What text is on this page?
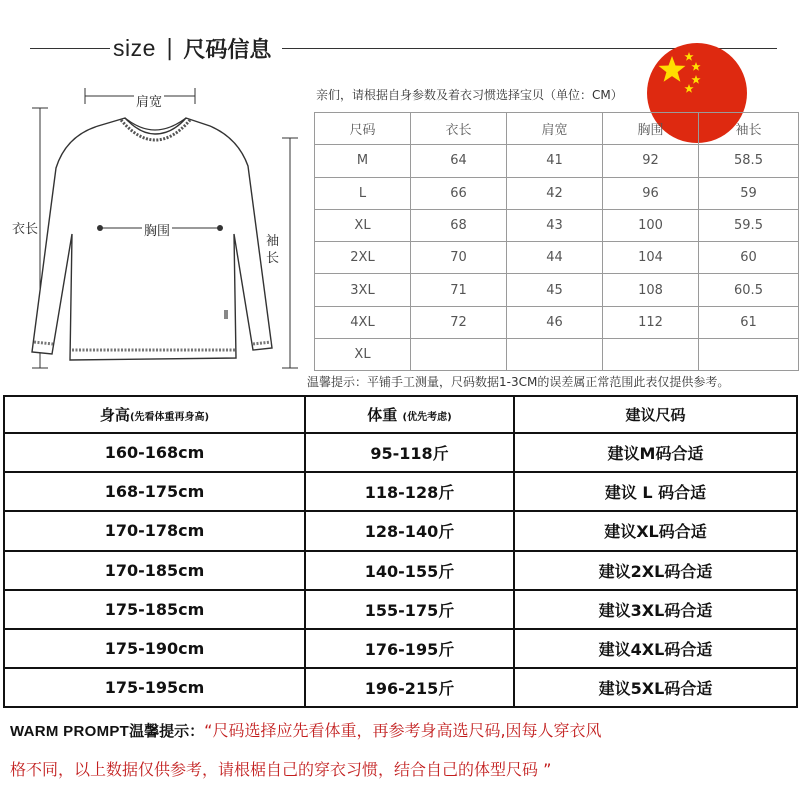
size | 尺码信息
肩宽
衣长	胸围
袖长
亲们，请根据自身参数及着衣习惯选择宝贝（单位：CM）
尺码	衣长	肩宽	胸围	袖长
M	64	41	92	58.5
L	66	42	96	59
XL	68	43	100	59.5
2XL	70	44	104	60
3XL	71	45	108	60.5
4XL	72	46	112	61
XL				
温馨提示：平铺手工测量，尺码数据1-3CM的误差属正常范围此表仅提供参考。
身高(先看体重再身高)	体重 (优先考虑)	建议尺码
160-168cm	95-118斤	建议M码合适
168-175cm	118-128斤	建议 L 码合适
170-178cm	128-140斤	建议XL码合适
170-185cm	140-155斤	建议2XL码合适
175-185cm	155-175斤	建议3XL码合适
175-190cm	176-195斤	建议4XL码合适
175-195cm	196-215斤	建议5XL码合适
WARM PROMPT温馨提示：“尺码选择应先看体重，再参考身高选尺码,因每人穿衣风
格不同，以上数据仅供参考，请根椐自己的穿衣习惯，结合自己的体型尺码 ”
